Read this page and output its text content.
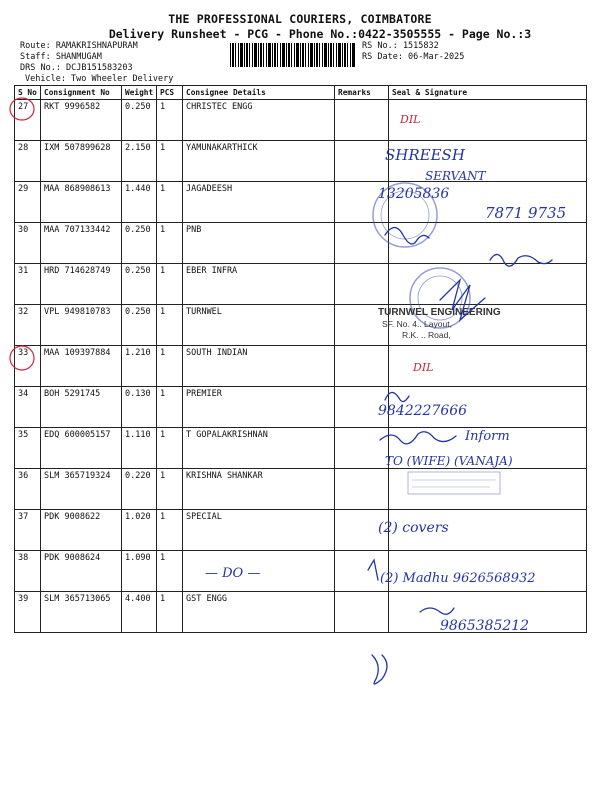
THE PROFESSIONAL COURIERS, COIMBATORE
Delivery Runsheet - PCG - Phone No.:0422-3505555 - Page No.:3
Route: RAMAKRISHNAPURAM
Staff: SHANMUGAM
DRS No.: DCJB151583203
Vehicle: Two Wheeler Delivery
RS No.: 1515832
RS Date: 06-Mar-2025
S No	Consignment No	Weight	PCS	Consignee Details	Remarks	Seal & Signature
27	RKT 9996582	0.250	1	CHRISTEC ENGG		
28	IXM 507899628	2.150	1	YAMUNAKARTHICK		
29	MAA 868908613	1.440	1	JAGADEESH		
30	MAA 707133442	0.250	1	PNB		
31	HRD 714628749	0.250	1	EBER INFRA		
32	VPL 949810783	0.250	1	TURNWEL		
33	MAA 109397884	1.210	1	SOUTH INDIAN		
34	BOH 5291745	0.130	1	PREMIER		
35	EDQ 600005157	1.110	1	T GOPALAKRISHNAN		
36	SLM 365719324	0.220	1	KRISHNA SHANKAR		
37	PDK 9008622	1.020	1	SPECIAL		
38	PDK 9008624	1.090	1			
39	SLM 365713065	4.400	1	GST ENGG		
DIL
DIL
TURNWEL ENGINEERING
SF. No. 4.. Layout,
R.K. .. Road,
SHREESH
SERVANT
13205836
7871 9735
9842227666
Inform
TO (WIFE) (VANAJA)
(2) covers
(2) Madhu 9626568932
— DO —
9865385212
